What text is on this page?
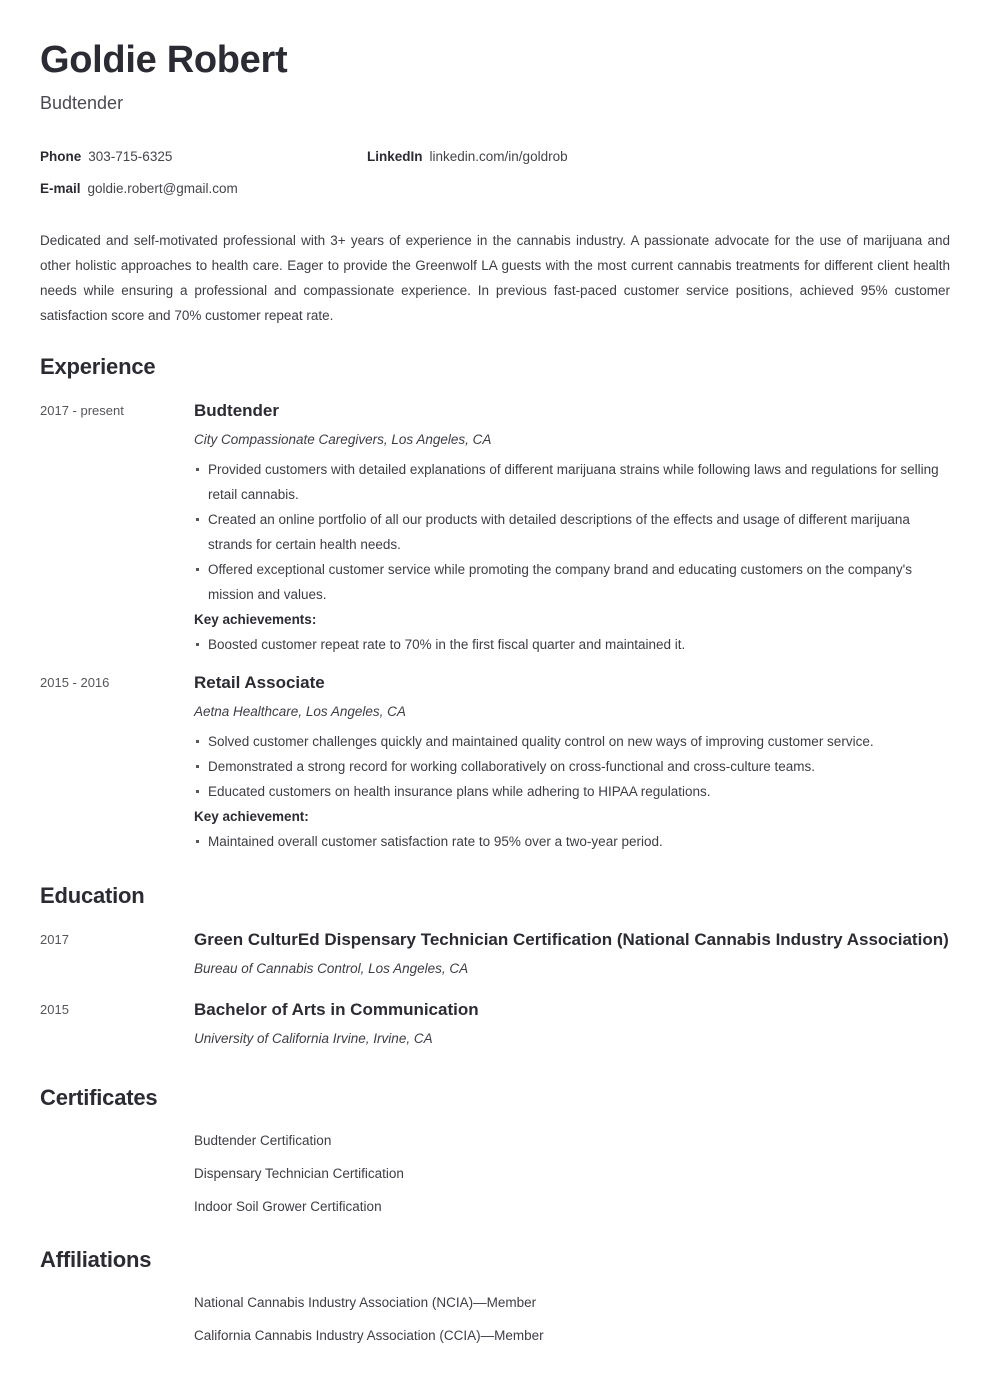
Goldie Robert
Budtender
Phone 303-715-6325	LinkedIn linkedin.com/in/goldrob
E-mail goldie.robert@gmail.com

Dedicated and self-motivated professional with 3+ years of experience in the cannabis industry. A passionate advocate for the use of marijuana and other holistic approaches to health care. Eager to provide the Greenwolf LA guests with the most current cannabis treatments for different client health needs while ensuring a professional and compassionate experience. In previous fast-paced customer service positions, achieved 95% customer satisfaction score and 70% customer repeat rate.

Experience
2017 - present	Budtender
City Compassionate Caregivers, Los Angeles, CA
Provided customers with detailed explanations of different marijuana strains while following laws and regulations for selling retail cannabis.
Created an online portfolio of all our products with detailed descriptions of the effects and usage of different marijuana strands for certain health needs.
Offered exceptional customer service while promoting the company brand and educating customers on the company's mission and values.
Key achievements:
Boosted customer repeat rate to 70% in the first fiscal quarter and maintained it.
2015 - 2016	Retail Associate
Aetna Healthcare, Los Angeles, CA
Solved customer challenges quickly and maintained quality control on new ways of improving customer service.
Demonstrated a strong record for working collaboratively on cross-functional and cross-culture teams.
Educated customers on health insurance plans while adhering to HIPAA regulations.
Key achievement:
Maintained overall customer satisfaction rate to 95% over a two-year period.
Education
2017	Green CulturEd Dispensary Technician Certification (National Cannabis Industry Association)
Bureau of Cannabis Control, Los Angeles, CA
2015	Bachelor of Arts in Communication
University of California Irvine, Irvine, CA
Certificates
Budtender Certification
Dispensary Technician Certification
Indoor Soil Grower Certification
Affiliations
National Cannabis Industry Association (NCIA)—Member
California Cannabis Industry Association (CCIA)—Member
